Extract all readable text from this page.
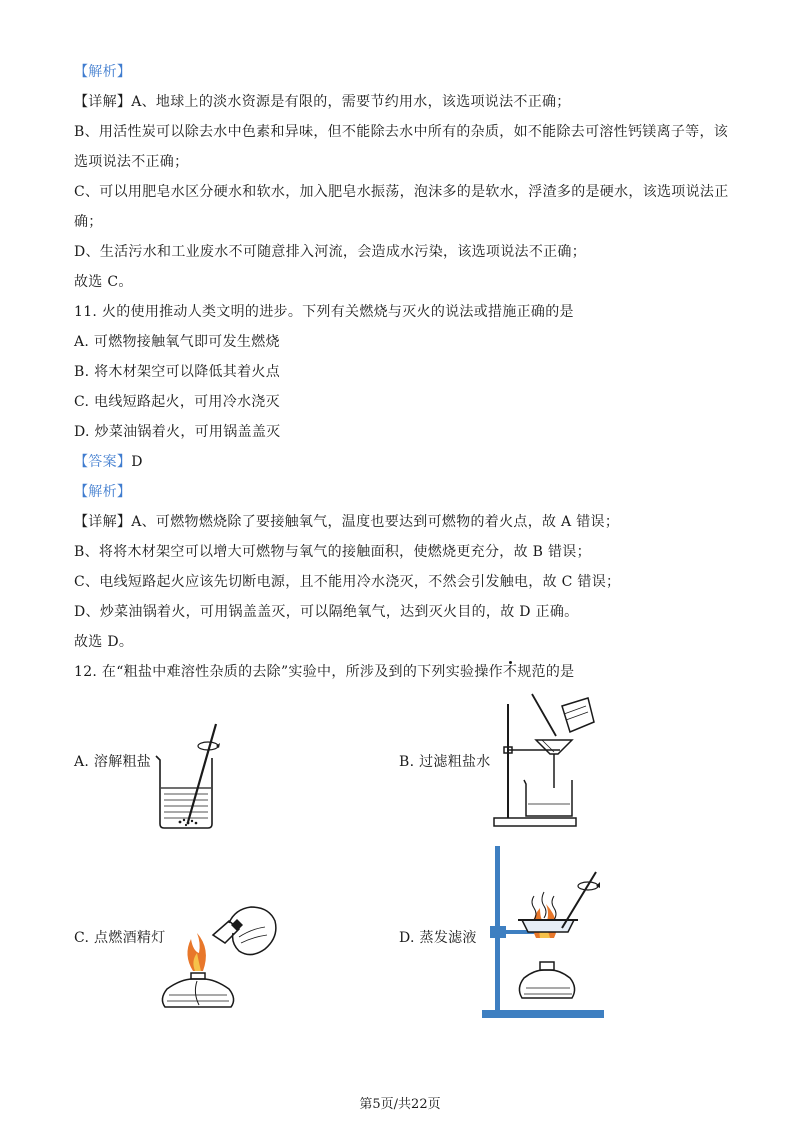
【解析】
【详解】A、地球上的淡水资源是有限的，需要节约用水，该选项说法不正确；
B、用活性炭可以除去水中色素和异味，但不能除去水中所有的杂质，如不能除去可溶性钙镁离子等，该
选项说法不正确；
C、可以用肥皂水区分硬水和软水，加入肥皂水振荡，泡沫多的是软水，浮渣多的是硬水，该选项说法正
确；
D、生活污水和工业废水不可随意排入河流，会造成水污染，该选项说法不正确；
故选 C。
11. 火的使用推动人类文明的进步。下列有关燃烧与灭火的说法或措施正确的是
A. 可燃物接触氧气即可发生燃烧
B. 将木材架空可以降低其着火点
C. 电线短路起火，可用冷水浇灭
D. 炒菜油锅着火，可用锅盖盖灭
【答案】D
【解析】
【详解】A、可燃物燃烧除了要接触氧气，温度也要达到可燃物的着火点，故 A 错误；
B、将将木材架空可以增大可燃物与氧气的接触面积，使燃烧更充分，故 B 错误；
C、电线短路起火应该先切断电源，且不能用冷水浇灭，不然会引发触电，故 C 错误；
D、炒菜油锅着火，可用锅盖盖灭，可以隔绝氧气，达到灭火目的，故 D 正确。
故选 D。
12. 在“粗盐中难溶性杂质的去除”实验中，所涉及到的下列实验操作不规范的是
A. 溶解粗盐	B. 过滤粗盐水
C. 点燃酒精灯	D. 蒸发滤液
第5页/共22页
